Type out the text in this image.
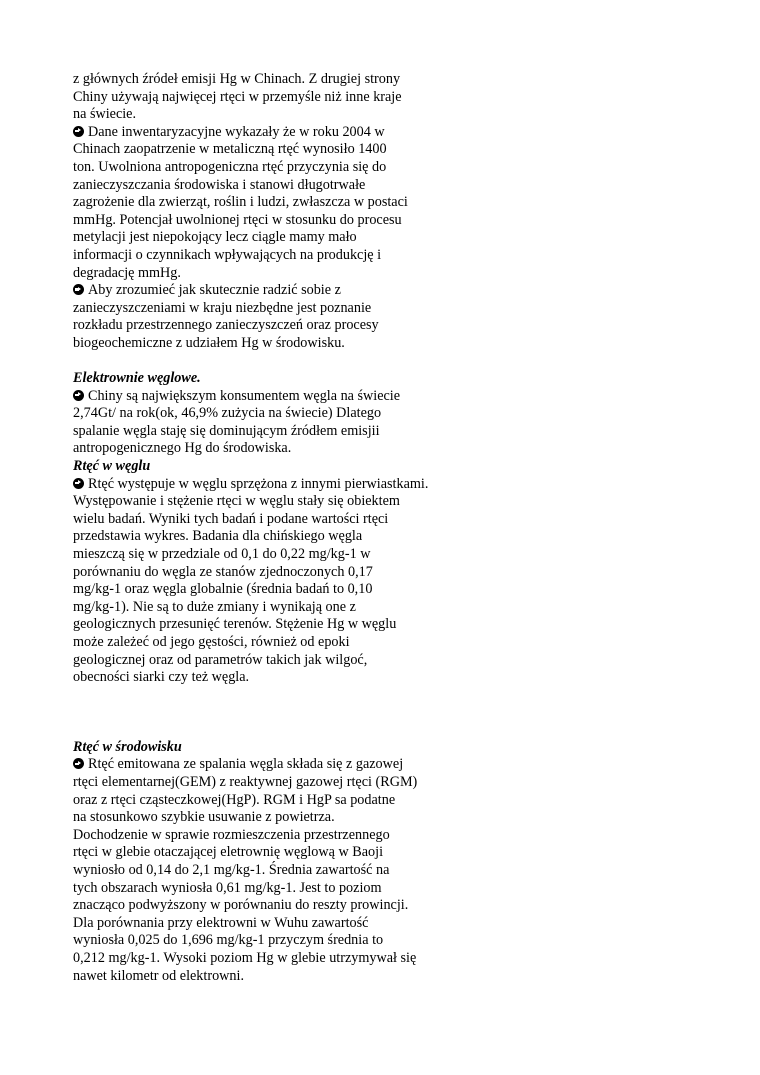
z głównych źródeł emisji Hg w Chinach. Z drugiej strony
Chiny używają najwięcej rtęci w przemyśle niż inne kraje
na świecie.
Dane inwentaryzacyjne wykazały że w roku 2004 w
Chinach zaopatrzenie w metaliczną rtęć wynosiło 1400
ton. Uwolniona antropogeniczna rtęć przyczynia się do
zanieczyszczania środowiska i stanowi długotrwałe
zagrożenie dla zwierząt, roślin i ludzi, zwłaszcza w postaci
mmHg. Potencjał uwolnionej rtęci w stosunku do procesu
metylacji jest niepokojący lecz ciągle mamy mało
informacji o czynnikach wpływających na produkcję i
degradację mmHg.
Aby zrozumieć jak skutecznie radzić sobie z
zanieczyszczeniami w kraju niezbędne jest poznanie
rozkładu przestrzennego zanieczyszczeń oraz procesy
biogeochemiczne z udziałem Hg w środowisku.
Elektrownie węglowe.
Chiny są największym konsumentem węgla na świecie
2,74Gt/ na rok(ok, 46,9% zużycia na świecie) Dlatego
spalanie węgla staję się dominującym źródłem emisjii
antropogenicznego Hg do środowiska.
Rtęć w węglu
Rtęć występuje w węglu sprzężona z innymi pierwiastkami.
Występowanie i stężenie rtęci w węglu stały się obiektem
wielu badań. Wyniki tych badań i podane wartości rtęci
przedstawia wykres. Badania dla chińskiego węgla
mieszczą się w przedziale od 0,1 do 0,22 mg/kg-1 w
porównaniu do węgla ze stanów zjednoczonych 0,17
mg/kg-1 oraz węgla globalnie (średnia badań to 0,10
mg/kg-1). Nie są to duże zmiany i wynikają one z
geologicznych przesunięć terenów. Stężenie Hg w węglu
może zależeć od jego gęstości, również od epoki
geologicznej oraz od parametrów takich jak wilgoć,
obecności siarki czy też węgla.
Rtęć w środowisku
Rtęć emitowana ze spalania węgla składa się z gazowej
rtęci elementarnej(GEM) z reaktywnej gazowej rtęci (RGM)
oraz z rtęci cząsteczkowej(HgP). RGM i HgP sa podatne
na stosunkowo szybkie usuwanie z powietrza.
Dochodzenie w sprawie rozmieszczenia przestrzennego
rtęci w glebie otaczającej eletrownię węglową w Baoji
wyniosło od 0,14 do 2,1 mg/kg-1. Średnia zawartość na
tych obszarach wyniosła 0,61 mg/kg-1. Jest to poziom
znacząco podwyższony w porównaniu do reszty prowincji.
Dla porównania przy elektrowni w Wuhu zawartość
wyniosła 0,025 do 1,696 mg/kg-1 przyczym średnia to
0,212 mg/kg-1. Wysoki poziom Hg w glebie utrzymywał się
nawet kilometr od elektrowni.
